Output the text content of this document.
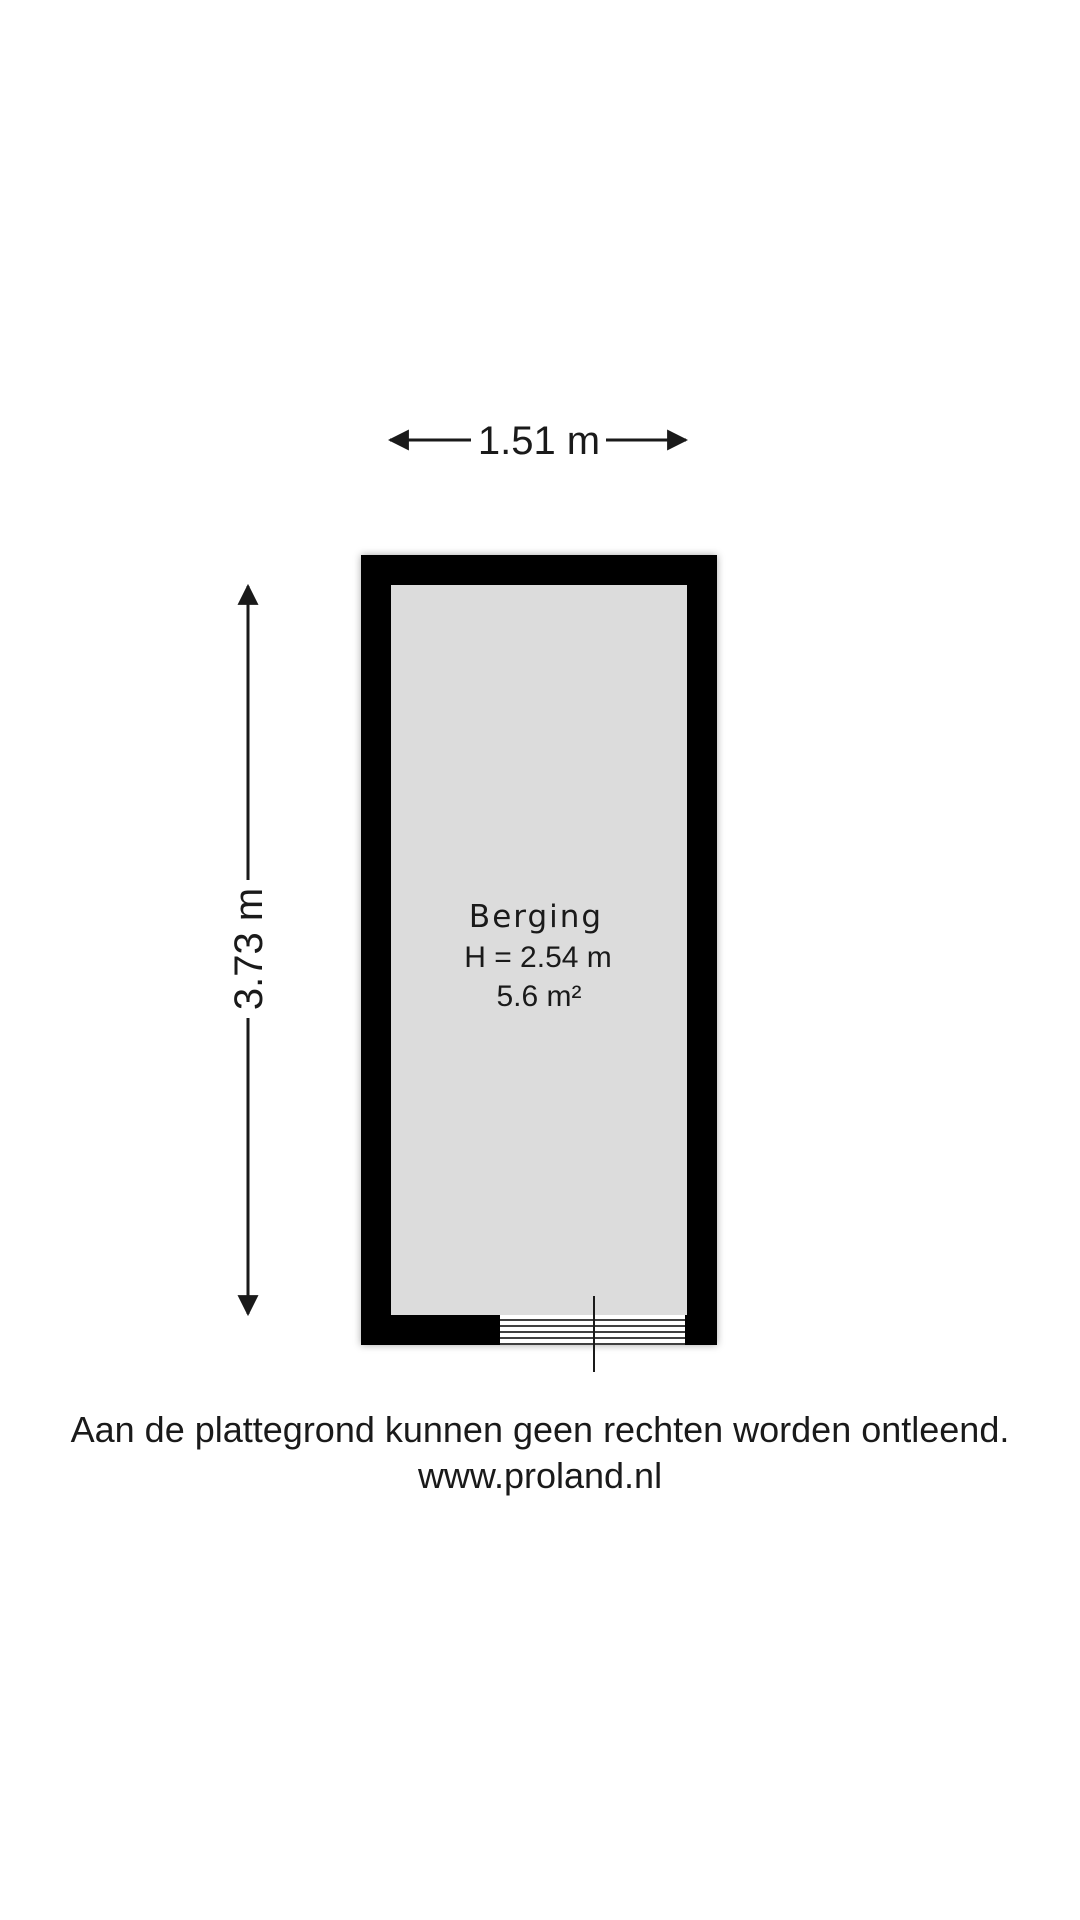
1.51 m
3.73 m	Berging
H = 2.54 m
5.6 m²
Aan de plattegrond kunnen geen rechten worden ontleend.
www.proland.nl
